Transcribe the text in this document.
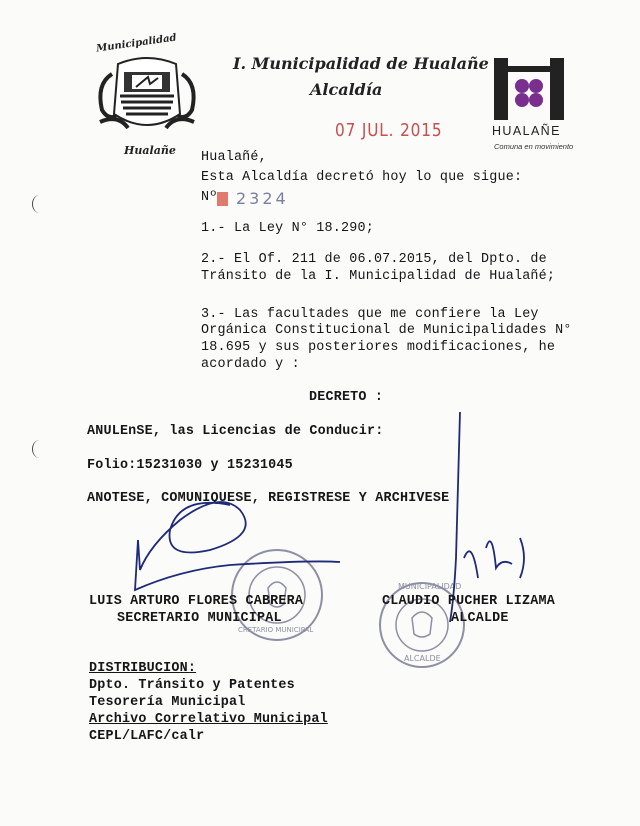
Municipalidad
Hualañe
I. Municipalidad de Hualañe
Alcaldía
07 JUL. 2015	HUALAÑE
Comuna en movimiento
Hualañé,
Esta Alcaldía decretó hoy lo que sigue:
Nº 2324
1.- La Ley N° 18.290;
2.- El Of. 211 de 06.07.2015, del Dpto. de
Tránsito de la I. Municipalidad de Hualañé;
3.- Las facultades que me confiere la Ley
Orgánica Constitucional de Municipalidades N°
18.695 y sus posteriores modificaciones, he
acordado y :
DECRETO :
ANULEnSE, las Licencias de Conducir:
Folio:15231030 y 15231045
ANOTESE, COMUNIQUESE, REGISTRESE Y ARCHIVESE
CRETARIO MUNICIPAL
MUNICIPALIDAD
ALCALDE
LUIS ARTURO FLORES CABRERA
SECRETARIO MUNICIPAL
CLAUDIO PUCHER LIZAMA
ALCALDE
DISTRIBUCION:
Dpto. Tránsito y Patentes
Tesorería Municipal
Archivo Correlativo Municipal
CEPL/LAFC/calr
